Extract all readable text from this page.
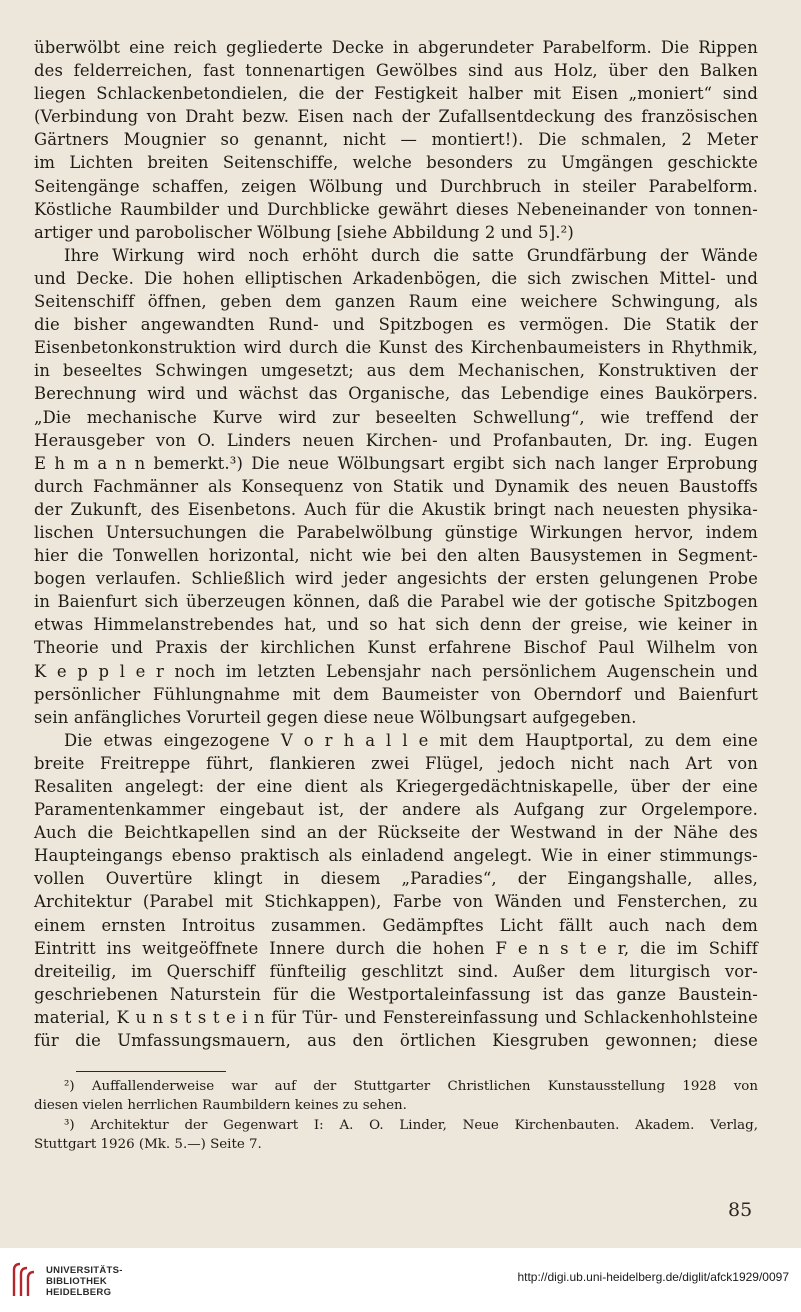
überwölbt eine reich gegliederte Decke in abgerundeter Parabelform. Die Rippen
des felderreichen, fast tonnenartigen Gewölbes sind aus Holz, über den Balken
liegen Schlackenbetondielen, die der Festigkeit halber mit Eisen „moniert“ sind
(Verbindung von Draht bezw. Eisen nach der Zufallsentdeckung des französischen
Gärtners Mougnier so genannt, nicht — montiert!). Die schmalen, 2 Meter
im Lichten breiten Seitenschiffe, welche besonders zu Umgängen geschickte
Seitengänge schaffen, zeigen Wölbung und Durchbruch in steiler Parabelform.
Köstliche Raumbilder und Durchblicke gewährt dieses Nebeneinander von tonnen-
artiger und parobolischer Wölbung [siehe Abbildung 2 und 5].²)

Ihre Wirkung wird noch erhöht durch die satte Grundfärbung der Wände
und Decke. Die hohen elliptischen Arkadenbögen, die sich zwischen Mittel- und
Seitenschiff öffnen, geben dem ganzen Raum eine weichere Schwingung, als
die bisher angewandten Rund- und Spitzbogen es vermögen. Die Statik der
Eisenbetonkonstruktion wird durch die Kunst des Kirchenbaumeisters in Rhythmik,
in beseeltes Schwingen umgesetzt; aus dem Mechanischen, Konstruktiven der
Berechnung wird und wächst das Organische, das Lebendige eines Baukörpers.
„Die mechanische Kurve wird zur beseelten Schwellung“, wie treffend der
Herausgeber von O. Linders neuen Kirchen- und Profanbauten, Dr. ing. Eugen
E h m a n n bemerkt.³) Die neue Wölbungsart ergibt sich nach langer Erprobung
durch Fachmänner als Konsequenz von Statik und Dynamik des neuen Baustoffs
der Zukunft, des Eisenbetons. Auch für die Akustik bringt nach neuesten physika-
lischen Untersuchungen die Parabelwölbung günstige Wirkungen hervor, indem
hier die Tonwellen horizontal, nicht wie bei den alten Bausystemen in Segment-
bogen verlaufen. Schließlich wird jeder angesichts der ersten gelungenen Probe
in Baienfurt sich überzeugen können, daß die Parabel wie der gotische Spitzbogen
etwas Himmelanstrebendes hat, und so hat sich denn der greise, wie keiner in
Theorie und Praxis der kirchlichen Kunst erfahrene Bischof Paul Wilhelm von
K e p p l e r noch im letzten Lebensjahr nach persönlichem Augenschein und
persönlicher Fühlungnahme mit dem Baumeister von Oberndorf und Baienfurt
sein anfängliches Vorurteil gegen diese neue Wölbungsart aufgegeben.

Die etwas eingezogene V o r h a l l e mit dem Hauptportal, zu dem eine
breite Freitreppe führt, flankieren zwei Flügel, jedoch nicht nach Art von
Resaliten angelegt: der eine dient als Kriegergedächtniskapelle, über der eine
Paramentenkammer eingebaut ist, der andere als Aufgang zur Orgelempore.
Auch die Beichtkapellen sind an der Rückseite der Westwand in der Nähe des
Haupteingangs ebenso praktisch als einladend angelegt. Wie in einer stimmungs-
vollen Ouvertüre klingt in diesem „Paradies“, der Eingangshalle, alles,
Architektur (Parabel mit Stichkappen), Farbe von Wänden und Fensterchen, zu
einem ernsten Introitus zusammen. Gedämpftes Licht fällt auch nach dem
Eintritt ins weitgeöffnete Innere durch die hohen F e n s t e r, die im Schiff
dreiteilig, im Querschiff fünfteilig geschlitzt sind. Außer dem liturgisch vor-
geschriebenen Naturstein für die Westportaleinfassung ist das ganze Baustein-
material, K u n s t s t e i n für Tür- und Fenstereinfassung und Schlackenhohlsteine
für die Umfassungsmauern, aus den örtlichen Kiesgruben gewonnen; diese

²) Auffallenderweise war auf der Stuttgarter Christlichen Kunstausstellung 1928 von
diesen vielen herrlichen Raumbildern keines zu sehen.
³) Architektur der Gegenwart I: A. O. Linder, Neue Kirchenbauten. Akadem. Verlag,
Stuttgart 1926 (Mk. 5.—) Seite 7.
85
UNIVERSITÄTS-
BIBLIOTHEK
HEIDELBERG
http://digi.ub.uni-heidelberg.de/diglit/afck1929/0097
